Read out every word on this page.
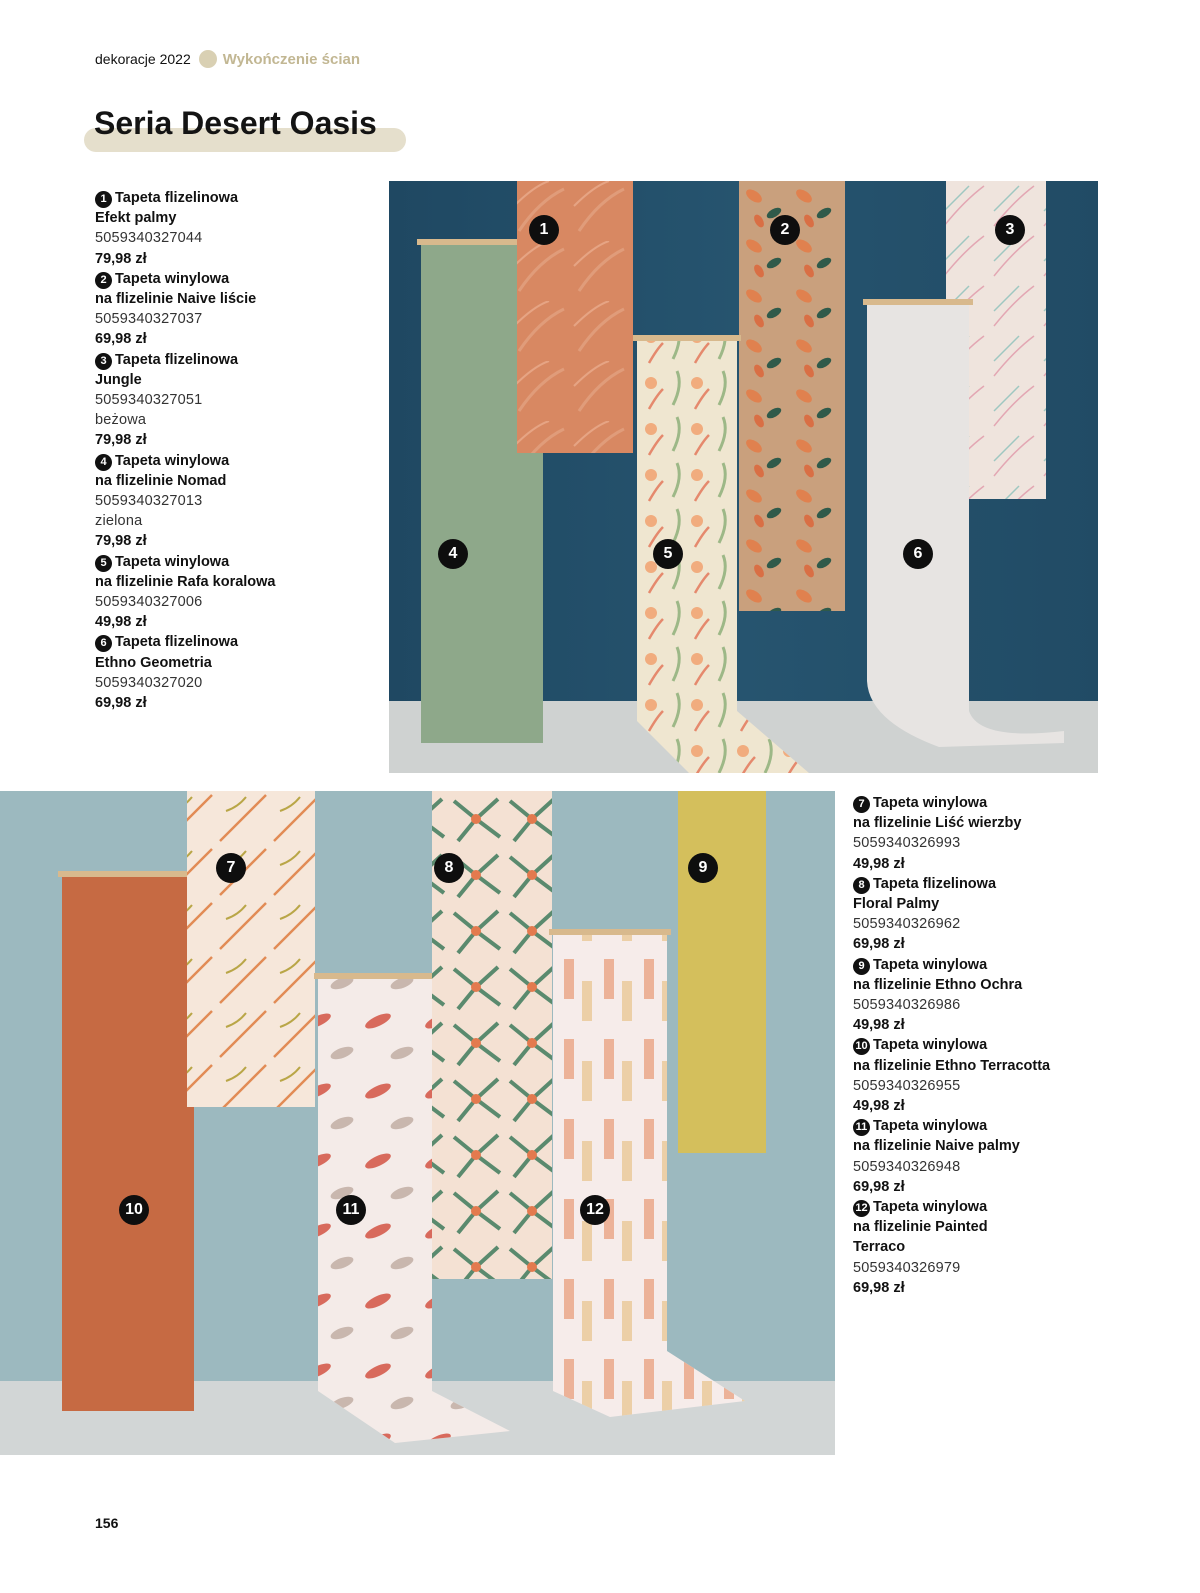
dekoracje 2022 Wykończenie ścian
Seria Desert Oasis
1 Tapeta flizelinowa
Efekt palmy
5059340327044
79,98 zł
2 Tapeta winylowa
na flizelinie Naive liście
5059340327037
69,98 zł
3 Tapeta flizelinowa
Jungle
5059340327051
beżowa
79,98 zł
4 Tapeta winylowa
na flizelinie Nomad
5059340327013
zielona
79,98 zł
5 Tapeta winylowa
na flizelinie Rafa koralowa
5059340327006
49,98 zł
6 Tapeta flizelinowa
Ethno Geometria
5059340327020
69,98 zł
1	2	3
4	5	6
7	8	9
10	11	12
7 Tapeta winylowa
na flizelinie Liść wierzby
5059340326993
49,98 zł
8 Tapeta flizelinowa
Floral Palmy
5059340326962
69,98 zł
9 Tapeta winylowa
na flizelinie Ethno Ochra
5059340326986
49,98 zł
10 Tapeta winylowa
na flizelinie Ethno Terracotta
5059340326955
49,98 zł
11 Tapeta winylowa
na flizelinie Naive palmy
5059340326948
69,98 zł
12 Tapeta winylowa
na flizelinie Painted
Terraco
5059340326979
69,98 zł
156
